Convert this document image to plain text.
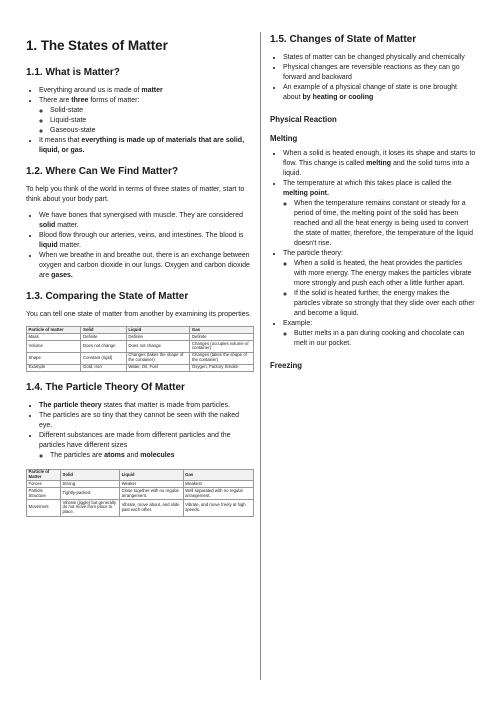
1. The States of Matter
1.1. What is Matter?
• Everything around us is made of matter
• There are three forms of matter:
◦ Solid-state
◦ Liquid-state
◦ Gaseous-state
• It means that everything is made up of materials that are solid, liquid, or gas.
1.2. Where Can We Find Matter?

To help you think of the world in terms of three states of matter, start to think about your body part.

• We have bones that synergised with muscle. They are considered solid matter.
• Blood flow through our arteries, veins, and intestines. The blood is liquid matter.
• When we breathe in and breathe out, there is an exchange between oxygen and carbon dioxide in our lungs. Oxygen and carbon dioxide are gases.
1.3. Comparing the State of Matter

You can tell one state of matter from another by examining its properties.

Particle of matter	Solid	Liquid	Gas
Mass	Definite	Definite	Definite
Volume	Does not change	Does not change	Changes (occupies volume of container)
Shape	Constant (rigid)	Changes (takes the shape of the container)	Changes (takes the shape of the container)
Example	Gold, Iron	Water, Oil, Fuel	Oxygen, Factory Smoke
1.4. The Particle Theory Of Matter
• The particle theory states that matter is made from particles.
• The particles are so tiny that they cannot be seen with the naked eye.
• Different substances are made from different particles and the particles have different sizes
◦ The particles are atoms and molecules
Particle of Matter	Solid	Liquid	Gas
Forces	Strong	Weaker	Weakest
Particle Structure	Tightly-packed	Close together with no regular arrangement.	Well separated with no regular arrangement.
Movement	Vibrate (jiggle) but generally do not move from place to place.	Vibrate, move about, and slide past each other.	Vibrate, and move freely at high speeds.
1.5. Changes of State of Matter
• States of matter can be changed physically and chemically
• Physical changes are reversible reactions as they can go forward and backward
• An example of a physical change of state is one brought about by heating or cooling
Physical Reaction
Melting
• When a solid is heated enough, it loses its shape and starts to flow. This change is called melting and the solid turns into a liquid.
• The temperature at which this takes place is called the melting point.
◦ When the temperature remains constant or steady for a period of time, the melting point of the solid has been reached and all the heat energy is being used to convert the state of matter, therefore, the temperature of the liquid doesn't rise.
• The particle theory:
◦ When a solid is heated, the heat provides the particles with more energy. The energy makes the particles vibrate more strongly and push each other a little further apart.
◦ If the solid is heated further, the energy makes the particles vibrate so strongly that they slide over each other and become a liquid.
• Example:
◦ Butter melts in a pan during cooking and chocolate can melt in our pocket.
Freezing
